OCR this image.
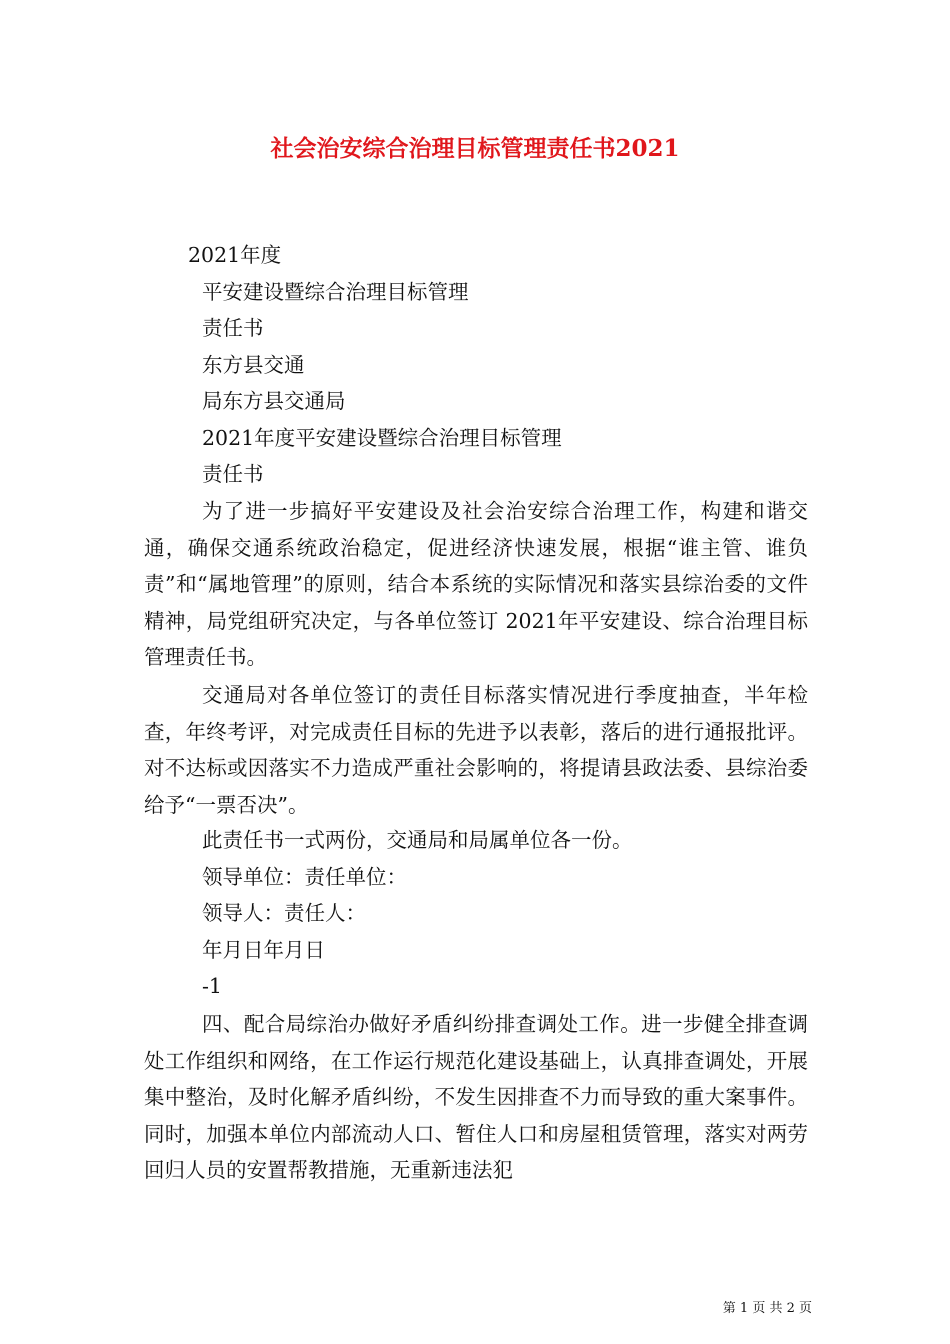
社会治安综合治理目标管理责任书2021

2021年度

平安建设暨综合治理目标管理

责任书

东方县交通

局东方县交通局

2021年度平安建设暨综合治理目标管理

责任书

为了进一步搞好平安建设及社会治安综合治理工作，构建和谐交通，确保交通系统政治稳定，促进经济快速发展，根据“谁主管、谁负责”和“属地管理”的原则，结合本系统的实际情况和落实县综治委的文件精神，局党组研究决定，与各单位签订 2021年平安建设、综合治理目标管理责任书。

交通局对各单位签订的责任目标落实情况进行季度抽查，半年检查，年终考评，对完成责任目标的先进予以表彰，落后的进行通报批评。对不达标或因落实不力造成严重社会影响的，将提请县政法委、县综治委给予“一票否决”。

此责任书一式两份，交通局和局属单位各一份。

领导单位：责任单位：

领导人：责任人：

年月日年月日

-1

四、配合局综治办做好矛盾纠纷排查调处工作。进一步健全排查调处工作组织和网络，在工作运行规范化建设基础上，认真排查调处，开展集中整治，及时化解矛盾纠纷，不发生因排查不力而导致的重大案事件。同时，加强本单位内部流动人口、暂住人口和房屋租赁管理，落实对两劳回归人员的安置帮教措施，无重新违法犯

第 1 页 共 2 页
